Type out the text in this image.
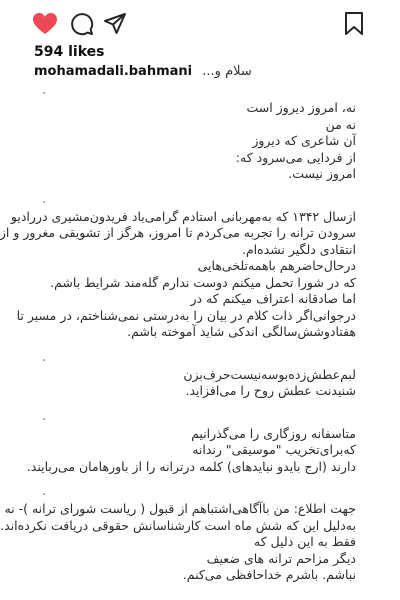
594 likes
mohamadali.bahmani ...سلام و
.
نه، امروز دیروز است
نه من
آن شاعری که دیروز
از فردایی می‌سرود که:
امروز نیست.
.
ازسال ۱۳۴۲ که به‌مهربانی استادم گرامی‌یاد فریدون‌مشیری دررادیو
سرودن ترانه را تجربه می‌کردم تا امروز، هرگز از تشویقی مغرور و از
انتقادی دلگیر نشده‌ام.
درحال‌حاضرهم باهمه‌تلخی‌هایی
که در شورا تحمل میکنم دوست ندارم گله‌مند شرایط باشم.
اما صادقانه اعتراف میکنم که در
درجوانی‌اگر ذات کلام در بیان را به‌درستی نمی‌شناختم، در مسیر تا
هفتادوشش‌سالگی اندکی شاید آموخته باشم.
.
لبم‌عطش‌زده‌بوسه‌نیست‌حرف‌بزن
شنیدنت عطش روح را می‌افزاید.
.
متاسفانه روزگاری را می‌گذرانیم
که‌برای‌تخریب "موسیقی" رندانه
دارند (ارج بایدو نبایدهای) کلمه درترانه را از باورهامان می‌ربایند.
.
جهت اطلاع: من باآگاهی‌اشتباهم از قبول ( ریاست شورای ترانه )- نه
به‌دلیل این که شش ماه است کارشناسانش حقوقی دریافت نکرده‌اند.
فقط به این دلیل که
دیگر مزاحم ترانه های ضعیف
نباشم. باشرم خداحافظی می‌کنم.
